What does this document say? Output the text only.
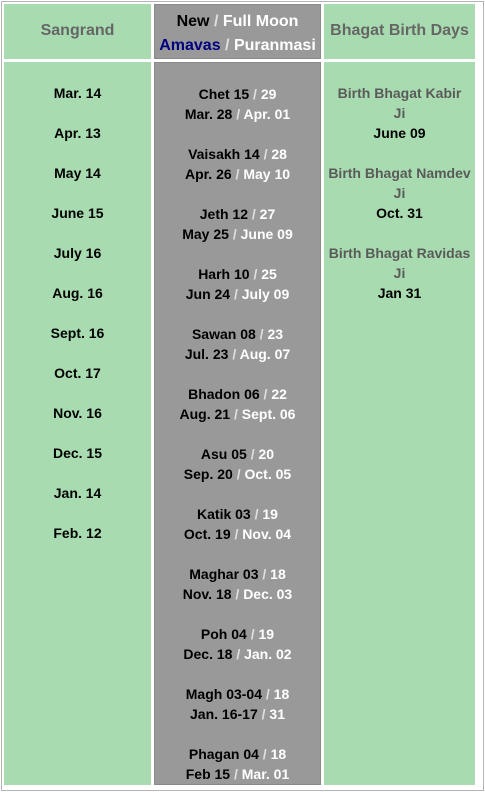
Sangrand
New / Full Moon
Amavas / Puranmasi
Bhagat Birth Days
Mar. 14
Apr. 13
May 14
June 15
July 16
Aug. 16
Sept. 16
Oct. 17
Nov. 16
Dec. 15
Jan. 14
Feb. 12
Chet 15 / 29
Mar. 28 / Apr. 01
Vaisakh 14 / 28
Apr. 26 / May 10
Jeth 12 / 27
May 25 / June 09
Harh 10 / 25
Jun 24 / July 09
Sawan 08 / 23
Jul. 23 / Aug. 07
Bhadon 06 / 22
Aug. 21 / Sept. 06
Asu 05 / 20
Sep. 20 / Oct. 05
Katik 03 / 19
Oct. 19 / Nov. 04
Maghar 03 / 18
Nov. 18 / Dec. 03
Poh 04 / 19
Dec. 18 / Jan. 02
Magh 03-04 / 18
Jan. 16-17 / 31
Phagan 04 / 18
Feb 15 / Mar. 01
Birth Bhagat Kabir
Ji
June 09
Birth Bhagat Namdev
Ji
Oct. 31
Birth Bhagat Ravidas
Ji
Jan 31
